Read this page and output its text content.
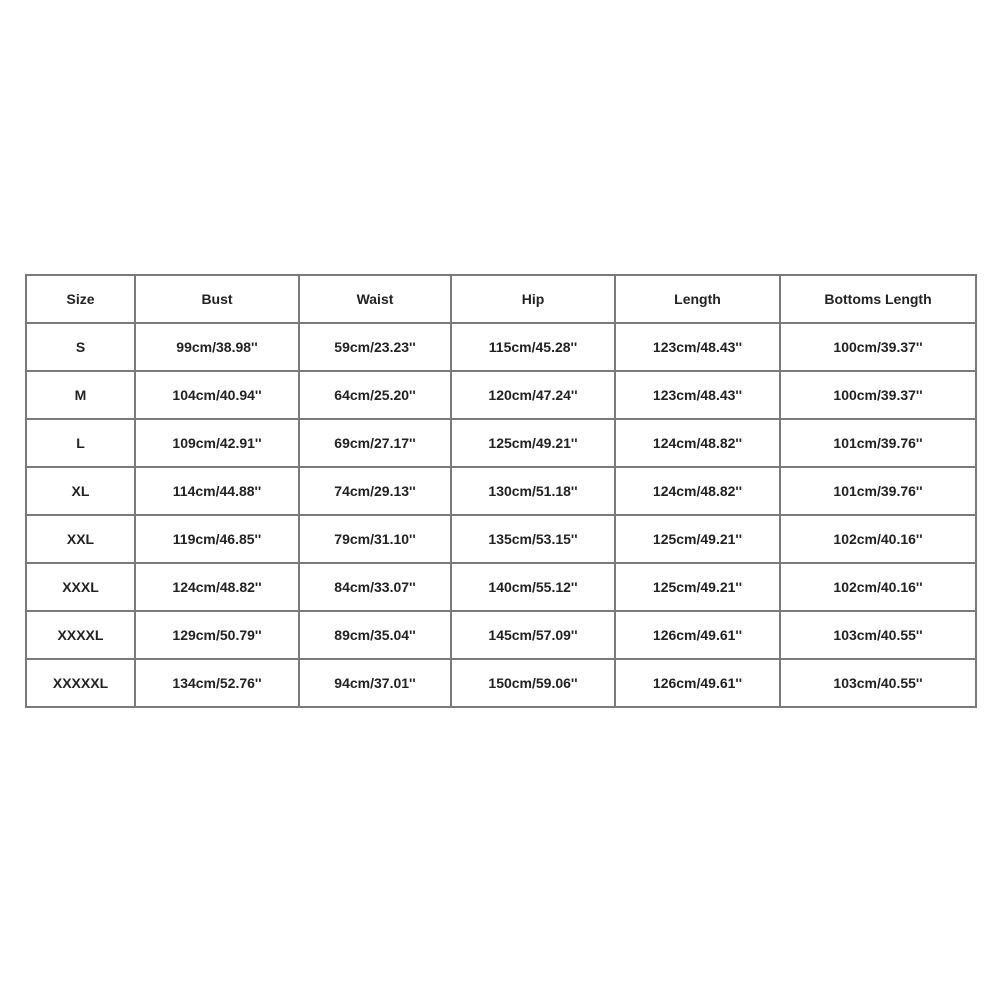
Size	Bust	Waist	Hip	Length	Bottoms Length
S	99cm/38.98''	59cm/23.23''	115cm/45.28''	123cm/48.43''	100cm/39.37''
M	104cm/40.94''	64cm/25.20''	120cm/47.24''	123cm/48.43''	100cm/39.37''
L	109cm/42.91''	69cm/27.17''	125cm/49.21''	124cm/48.82''	101cm/39.76''
XL	114cm/44.88''	74cm/29.13''	130cm/51.18''	124cm/48.82''	101cm/39.76''
XXL	119cm/46.85''	79cm/31.10''	135cm/53.15''	125cm/49.21''	102cm/40.16''
XXXL	124cm/48.82''	84cm/33.07''	140cm/55.12''	125cm/49.21''	102cm/40.16''
XXXXL	129cm/50.79''	89cm/35.04''	145cm/57.09''	126cm/49.61''	103cm/40.55''
XXXXXL	134cm/52.76''	94cm/37.01''	150cm/59.06''	126cm/49.61''	103cm/40.55''
